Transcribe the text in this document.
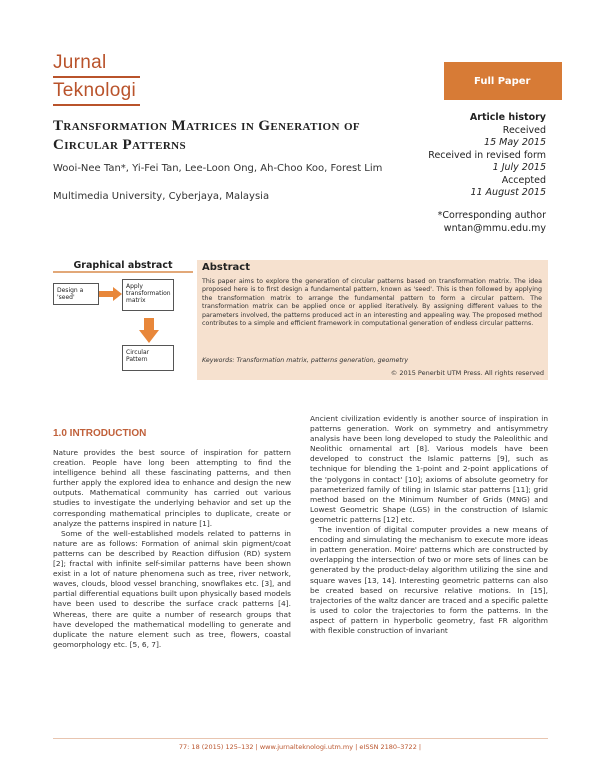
Jurnal
Teknologi	Full Paper
Transformation Matrices in Generation of Circular Patterns
Wooi-Nee Tan*, Yi-Fei Tan, Lee-Loon Ong, Ah-Choo Koo, Forest Lim
Multimedia University, Cyberjaya, Malaysia
Article history
Received
15 May 2015
Received in revised form
1 July 2015
Accepted
11 August 2015
*Corresponding author
wntan@mmu.edu.my
Graphical abstract
Design a 'seed'
Apply transformation matrix
Circular Pattern
Abstract
This paper aims to explore the generation of circular patterns based on transformation matrix. The idea proposed here is to first design a fundamental pattern, known as 'seed'. This is then followed by applying the transformation matrix to arrange the fundamental pattern to form a circular pattern. The transformation matrix can be applied once or applied iteratively. By assigning different values to the parameters involved, the patterns produced act in an interesting and appealing way. The proposed method contributes to a simple and efficient framework in computational generation of endless circular patterns.
Keywords: Transformation matrix, patterns generation, geometry
© 2015 Penerbit UTM Press. All rights reserved
1.0 INTRODUCTION

Nature provides the best source of inspiration for pattern creation. People have long been attempting to find the intelligence behind all these fascinating patterns, and then further apply the explored idea to enhance and design the new outputs. Mathematical community has carried out various studies to investigate the underlying behavior and set up the corresponding mathematical principles to duplicate, create or analyze the patterns inspired in nature [1].

Some of the well-established models related to patterns in nature are as follows: Formation of animal skin pigment/coat patterns can be described by Reaction diffusion (RD) system [2]; fractal with infinite self-similar patterns have been shown exist in a lot of nature phenomena such as tree, river network, waves, clouds, blood vessel branching, snowflakes etc. [3], and partial differential equations built upon physically based models have been used to describe the surface crack patterns [4]. Whereas, there are quite a number of research groups that have developed the mathematical modelling to generate and duplicate the nature element such as tree, flowers, coastal geomorphology etc. [5, 6, 7].

Ancient civilization evidently is another source of inspiration in patterns generation. Work on symmetry and antisymmetry analysis have been long developed to study the Paleolithic and Neolithic ornamental art [8]. Various models have been developed to construct the Islamic patterns [9], such as technique for blending the 1-point and 2-point applications of the 'polygons in contact' [10]; axioms of absolute geometry for parameterized family of tiling in Islamic star patterns [11]; grid method based on the Minimum Number of Grids (MNG) and Lowest Geometric Shape (LGS) in the construction of Islamic geometric patterns [12] etc.

The invention of digital computer provides a new means of encoding and simulating the mechanism to execute more ideas in pattern generation. Moire' patterns which are constructed by overlapping the intersection of two or more sets of lines can be generated by the product-delay algorithm utilizing the sine and square waves [13, 14]. Interesting geometric patterns can also be created based on recursive relative motions. In [15], trajectories of the waltz dancer are traced and a specific palette is used to color the trajectories to form the patterns. In the aspect of pattern in hyperbolic geometry, fast FR algorithm with flexible construction of invariant

77: 18 (2015) 125–132 | www.jurnalteknologi.utm.my | eISSN 2180–3722 |
